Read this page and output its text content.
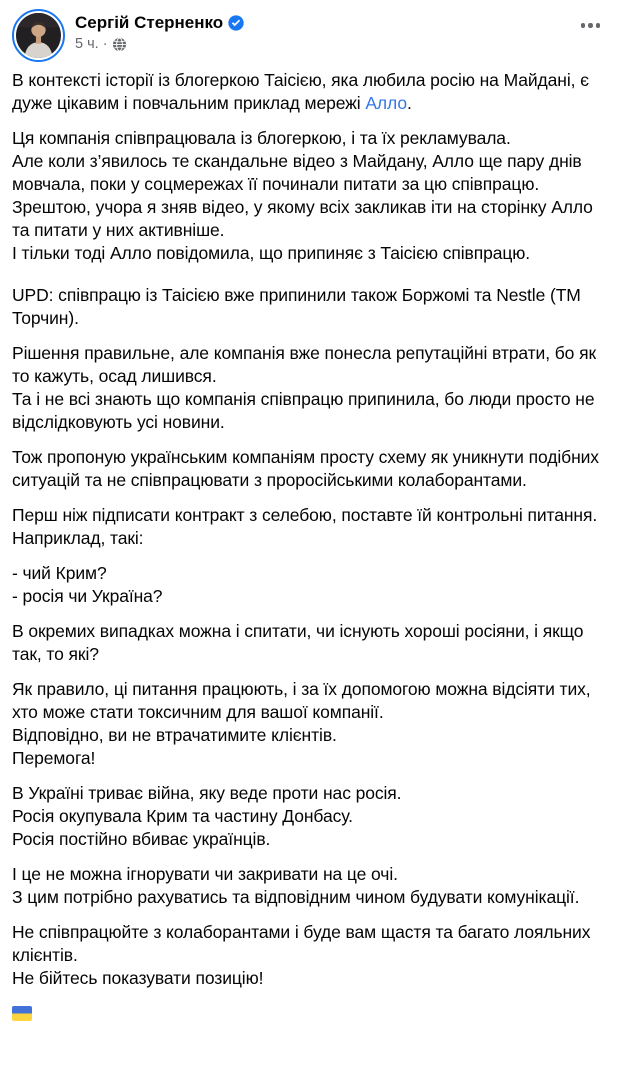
Сергій Стерненко
5 ч. ·
В контексті історії із блогеркою Таісією, яка любила росію на Майдані, є дуже цікавим і повчальним приклад мережі Алло.
Ця компанія співпрацювала із блогеркою, і та їх рекламувала.
Але коли з’явилось те скандальне відео з Майдану, Алло ще пару днів мовчала, поки у соцмережах її починали питати за цю співпрацю.
Зрештою, учора я зняв відео, у якому всіх закликав іти на сторінку Алло та питати у них активніше.
І тільки тоді Алло повідомила, що припиняє з Таісією співпрацю.
UPD: співпрацю із Таісією вже припинили також Боржомі та Nestle (ТМ Торчин).
Рішення правильне, але компанія вже понесла репутаційні втрати, бо як то кажуть, осад лишився.
Та і не всі знають що компанія співпрацю припинила, бо люди просто не відслідковують усі новини.
Тож пропоную українським компаніям просту схему як уникнути подібних ситуацій та не співпрацювати з проросійськими колаборантами.
Перш ніж підписати контракт з селебою, поставте їй контрольні питання. Наприклад, такі:
- чий Крим?
- росія чи Україна?
В окремих випадках можна і спитати, чи існують хороші росіяни, і якщо так, то які?
Як правило, ці питання працюють, і за їх допомогою можна відсіяти тих, хто може стати токсичним для вашої компанії.
Відповідно, ви не втрачатимите клієнтів.
Перемога!
В Україні триває війна, яку веде проти нас росія.
Росія окупувала Крим та частину Донбасу.
Росія постійно вбиває українців.
І це не можна ігнорувати чи закривати на це очі.
З цим потрібно рахуватись та відповідним чином будувати комунікації.
Не співпрацюйте з колаборантами і буде вам щастя та багато лояльних клієнтів.
Не бійтесь показувати позицію!
